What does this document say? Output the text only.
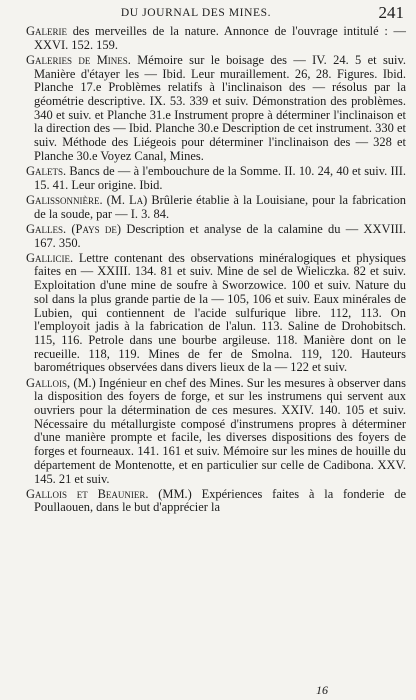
DU JOURNAL DES MINES.	241

Galerie des merveilles de la nature. Annonce de l'ouvrage intitulé : — XXVI. 152. 159.

Galeries de Mines. Mémoire sur le boisage des — IV. 24. 5 et suiv. Manière d'étayer les — Ibid. Leur muraillement. 26, 28. Figures. Ibid. Planche 17.e Problèmes relatifs à l'inclinaison des — résolus par la géométrie descriptive. IX. 53. 339 et suiv. Démonstration des problèmes. 340 et suiv. et Planche 31.e Instrument propre à déterminer l'inclinaison et la direction des — Ibid. Planche 30.e Description de cet instrument. 330 et suiv. Méthode des Liégeois pour déterminer l'inclinaison des — 328 et Planche 30.e Voyez Canal, Mines.

Galets. Bancs de — à l'embouchure de la Somme. II. 10. 24, 40 et suiv. III. 15. 41. Leur origine. Ibid.

Galissonnière. (M. La) Brûlerie établie à la Louisiane, pour la fabrication de la soude, par — I. 3. 84.

Galles. (Pays de) Description et analyse de la calamine du — XXVIII. 167. 350.

Gallicie. Lettre contenant des observations minéralogiques et physiques faites en — XXIII. 134. 81 et suiv. Mine de sel de Wieliczka. 82 et suiv. Exploitation d'une mine de soufre à Sworzowice. 100 et suiv. Nature du sol dans la plus grande partie de la — 105, 106 et suiv. Eaux minérales de Lubien, qui contiennent de l'acide sulfurique libre. 112, 113. On l'employoit jadis à la fabrication de l'alun. 113. Saline de Drohobitsch. 115, 116. Petrole dans une bourbe argileuse. 118. Manière dont on le recueille. 118, 119. Mines de fer de Smolna. 119, 120. Hauteurs barométriques observées dans divers lieux de la — 122 et suiv.

Gallois, (M.) Ingénieur en chef des Mines. Sur les mesures à observer dans la disposition des foyers de forge, et sur les instrumens qui servent aux ouvriers pour la détermination de ces mesures. XXIV. 140. 105 et suiv. Nécessaire du métallurgiste composé d'instrumens propres à déterminer d'une manière prompte et facile, les diverses dispositions des foyers de forges et fourneaux. 141. 161 et suiv. Mémoire sur les mines de houille du département de Montenotte, et en particulier sur celle de Cadibona. XXV. 145. 21 et suiv.

Gallois et Beaunier. (MM.) Expériences faites à la fonderie de Poullaouen, dans le but d'apprécier la

16
